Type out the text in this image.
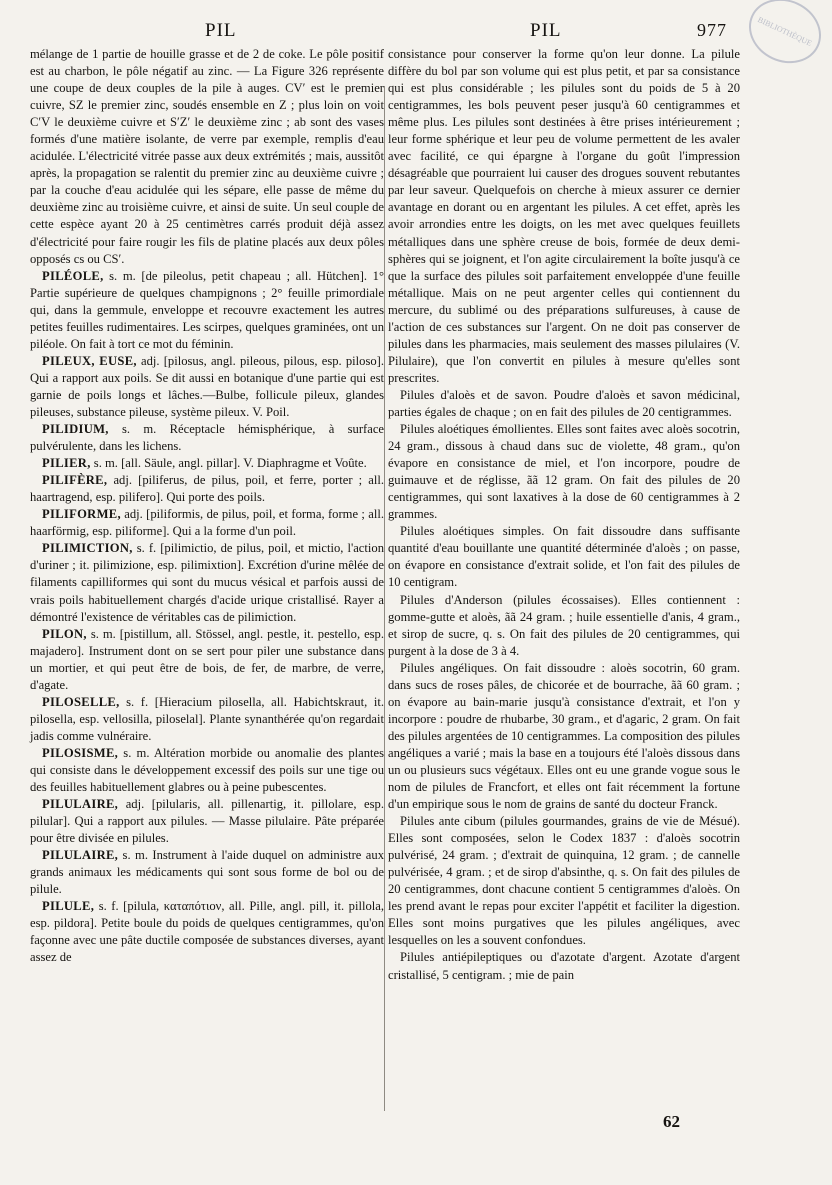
PIL	PIL	977	BIBLIOTHÈQUE

mélange de 1 partie de houille grasse et de 2 de coke. Le pôle positif est au charbon, le pôle négatif au zinc. — La Figure 326 représente une coupe de deux couples de la pile à auges. CV′ est le premier cuivre, SZ le premier zinc, soudés ensemble en Z ; plus loin on voit C′V le deuxième cuivre et S′Z′ le deuxième zinc ; ab sont des vases formés d'une matière isolante, de verre par exemple, remplis d'eau acidulée. L'électricité vitrée passe aux deux extrémités ; mais, aussitôt après, la propagation se ralentit du premier zinc au deuxième cuivre ; par la couche d'eau acidulée qui les sépare, elle passe de même du deuxième zinc au troisième cuivre, et ainsi de suite. Un seul couple de cette espèce ayant 20 à 25 centimètres carrés produit déjà assez d'électricité pour faire rougir les fils de platine placés aux deux pôles opposés cs ou CS′.

PILÉOLE, s. m. [de pileolus, petit chapeau ; all. Hütchen]. 1° Partie supérieure de quelques champignons ; 2° feuille primordiale qui, dans la gemmule, enveloppe et recouvre exactement les autres petites feuilles rudimentaires. Les scirpes, quelques graminées, ont un piléole. On fait à tort ce mot du féminin.

PILEUX, EUSE, adj. [pilosus, angl. pileous, pilous, esp. piloso]. Qui a rapport aux poils. Se dit aussi en botanique d'une partie qui est garnie de poils longs et lâches.—Bulbe, follicule pileux, glandes pileuses, substance pileuse, système pileux. V. Poil.

PILIDIUM, s. m. Réceptacle hémisphérique, à surface pulvérulente, dans les lichens.

PILIER, s. m. [all. Säule, angl. pillar]. V. Diaphragme et Voûte.

PILIFÈRE, adj. [piliferus, de pilus, poil, et ferre, porter ; all. haartragend, esp. pilifero]. Qui porte des poils.

PILIFORME, adj. [piliformis, de pilus, poil, et forma, forme ; all. haarförmig, esp. piliforme]. Qui a la forme d'un poil.

PILIMICTION, s. f. [pilimictio, de pilus, poil, et mictio, l'action d'uriner ; it. pilimizione, esp. pilimixtion]. Excrétion d'urine mêlée de filaments capilliformes qui sont du mucus vésical et parfois aussi de vrais poils habituellement chargés d'acide urique cristallisé. Rayer a démontré l'existence de véritables cas de pilimiction.

PILON, s. m. [pistillum, all. Stössel, angl. pestle, it. pestello, esp. majadero]. Instrument dont on se sert pour piler une substance dans un mortier, et qui peut être de bois, de fer, de marbre, de verre, d'agate.

PILOSELLE, s. f. [Hieracium pilosella, all. Habichtskraut, it. pilosella, esp. vellosilla, piloselal]. Plante synanthérée qu'on regardait jadis comme vulnéraire.

PILOSISME, s. m. Altération morbide ou anomalie des plantes qui consiste dans le développement excessif des poils sur une tige ou des feuilles habituellement glabres ou à peine pubescentes.

PILULAIRE, adj. [pilularis, all. pillenartig, it. pillolare, esp. pilular]. Qui a rapport aux pilules. — Masse pilulaire. Pâte préparée pour être divisée en pilules.

PILULAIRE, s. m. Instrument à l'aide duquel on administre aux grands animaux les médicaments qui sont sous forme de bol ou de pilule.

PILULE, s. f. [pilula, καταπότιον, all. Pille, angl. pill, it. pillola, esp. pildora]. Petite boule du poids de quelques centigrammes, qu'on façonne avec une pâte ductile composée de substances diverses, ayant assez de

consistance pour conserver la forme qu'on leur donne. La pilule diffère du bol par son volume qui est plus petit, et par sa consistance qui est plus considérable ; les pilules sont du poids de 5 à 20 centigrammes, les bols peuvent peser jusqu'à 60 centigrammes et même plus. Les pilules sont destinées à être prises intérieurement ; leur forme sphérique et leur peu de volume permettent de les avaler avec facilité, ce qui épargne à l'organe du goût l'impression désagréable que pourraient lui causer des drogues souvent rebutantes par leur saveur. Quelquefois on cherche à mieux assurer ce dernier avantage en dorant ou en argentant les pilules. A cet effet, après les avoir arrondies entre les doigts, on les met avec quelques feuillets métalliques dans une sphère creuse de bois, formée de deux demi-sphères qui se joignent, et l'on agite circulairement la boîte jusqu'à ce que la surface des pilules soit parfaitement enveloppée d'une feuille métallique. Mais on ne peut argenter celles qui contiennent du mercure, du sublimé ou des préparations sulfureuses, à cause de l'action de ces substances sur l'argent. On ne doit pas conserver de pilules dans les pharmacies, mais seulement des masses pilulaires (V. Pilulaire), que l'on convertit en pilules à mesure qu'elles sont prescrites.

Pilules d'aloès et de savon. Poudre d'aloès et savon médicinal, parties égales de chaque ; on en fait des pilules de 20 centigrammes.

Pilules aloétiques émollientes. Elles sont faites avec aloès socotrin, 24 gram., dissous à chaud dans suc de violette, 48 gram., qu'on évapore en consistance de miel, et l'on incorpore, poudre de guimauve et de réglisse, ãã 12 gram. On fait des pilules de 20 centigrammes, qui sont laxatives à la dose de 60 centigrammes à 2 grammes.

Pilules aloétiques simples. On fait dissoudre dans suffisante quantité d'eau bouillante une quantité déterminée d'aloès ; on passe, on évapore en consistance d'extrait solide, et l'on fait des pilules de 10 centigram.

Pilules d'Anderson (pilules écossaises). Elles contiennent : gomme-gutte et aloès, ãã 24 gram. ; huile essentielle d'anis, 4 gram., et sirop de sucre, q. s. On fait des pilules de 20 centigrammes, qui purgent à la dose de 3 à 4.

Pilules angéliques. On fait dissoudre : aloès socotrin, 60 gram. dans sucs de roses pâles, de chicorée et de bourrache, ãã 60 gram. ; on évapore au bain-marie jusqu'à consistance d'extrait, et l'on y incorpore : poudre de rhubarbe, 30 gram., et d'agaric, 2 gram. On fait des pilules argentées de 10 centigrammes. La composition des pilules angéliques a varié ; mais la base en a toujours été l'aloès dissous dans un ou plusieurs sucs végétaux. Elles ont eu une grande vogue sous le nom de pilules de Francfort, et elles ont fait récemment la fortune d'un empirique sous le nom de grains de santé du docteur Franck.

Pilules ante cibum (pilules gourmandes, grains de vie de Mésué). Elles sont composées, selon le Codex 1837 : d'aloès socotrin pulvérisé, 24 gram. ; d'extrait de quinquina, 12 gram. ; de cannelle pulvérisée, 4 gram. ; et de sirop d'absinthe, q. s. On fait des pilules de 20 centigrammes, dont chacune contient 5 centigrammes d'aloès. On les prend avant le repas pour exciter l'appétit et faciliter la digestion. Elles sont moins purgatives que les pilules angéliques, avec lesquelles on les a souvent confondues.

Pilules antiépileptiques ou d'azotate d'argent. Azotate d'argent cristallisé, 5 centigram. ; mie de pain

62
